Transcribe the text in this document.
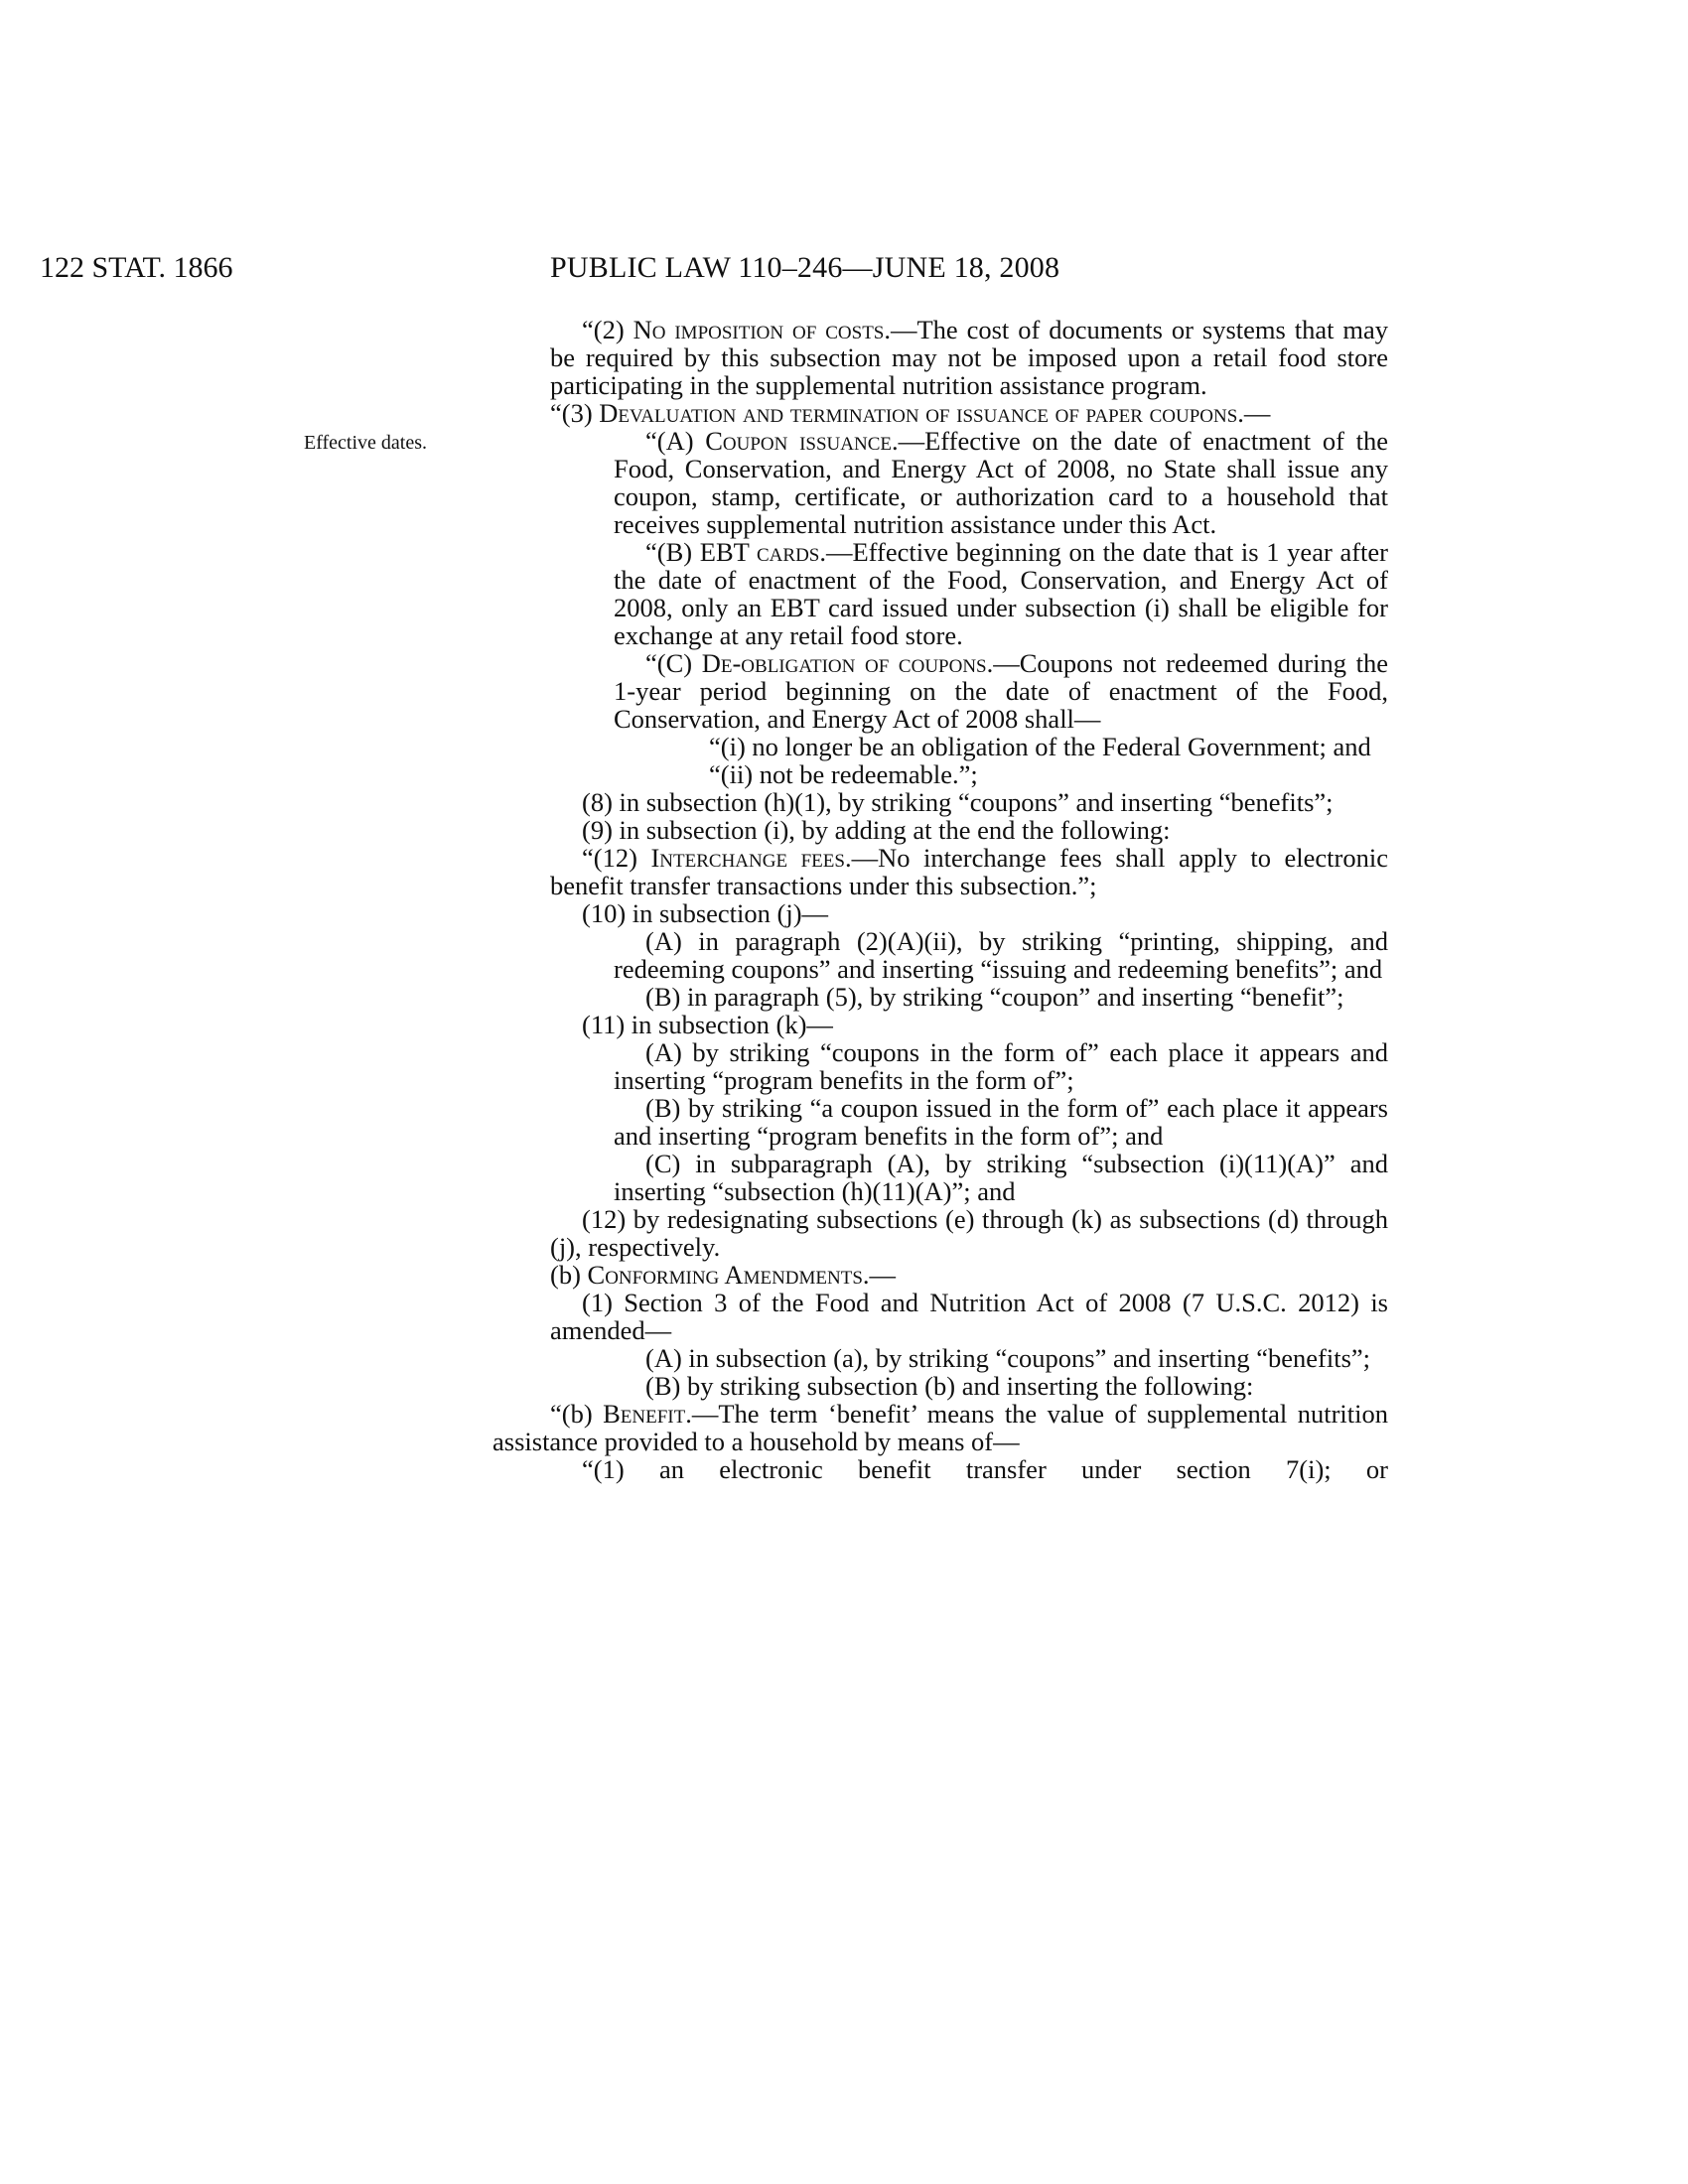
122 STAT. 1866	PUBLIC LAW 110–246—JUNE 18, 2008
Effective dates.

“(2) No imposition of costs.—The cost of documents or systems that may be required by this subsection may not be imposed upon a retail food store participating in the supplemental nutrition assistance program.

“(3) Devaluation and termination of issuance of paper coupons.—

“(A) Coupon issuance.—Effective on the date of enactment of the Food, Conservation, and Energy Act of 2008, no State shall issue any coupon, stamp, certificate, or authorization card to a household that receives supplemental nutrition assistance under this Act.

“(B) EBT cards.—Effective beginning on the date that is 1 year after the date of enactment of the Food, Conservation, and Energy Act of 2008, only an EBT card issued under subsection (i) shall be eligible for exchange at any retail food store.

“(C) De-obligation of coupons.—Coupons not redeemed during the 1-year period beginning on the date of enactment of the Food, Conservation, and Energy Act of 2008 shall—

“(i) no longer be an obligation of the Federal Government; and

“(ii) not be redeemable.”;

(8) in subsection (h)(1), by striking “coupons” and inserting “benefits”;

(9) in subsection (i), by adding at the end the following:

“(12) Interchange fees.—No interchange fees shall apply to electronic benefit transfer transactions under this subsection.”;

(10) in subsection (j)—

(A) in paragraph (2)(A)(ii), by striking “printing, shipping, and redeeming coupons” and inserting “issuing and redeeming benefits”; and

(B) in paragraph (5), by striking “coupon” and inserting “benefit”;

(11) in subsection (k)—

(A) by striking “coupons in the form of” each place it appears and inserting “program benefits in the form of”;

(B) by striking “a coupon issued in the form of” each place it appears and inserting “program benefits in the form of”; and

(C) in subparagraph (A), by striking “subsection (i)(11)(A)” and inserting “subsection (h)(11)(A)”; and

(12) by redesignating subsections (e) through (k) as subsections (d) through (j), respectively.

(b) Conforming Amendments.—

(1) Section 3 of the Food and Nutrition Act of 2008 (7 U.S.C. 2012) is amended—

(A) in subsection (a), by striking “coupons” and inserting “benefits”;

(B) by striking subsection (b) and inserting the following:

“(b) Benefit.—The term ‘benefit’ means the value of supplemental nutrition assistance provided to a household by means of—

“(1) an electronic benefit transfer under section 7(i); or
